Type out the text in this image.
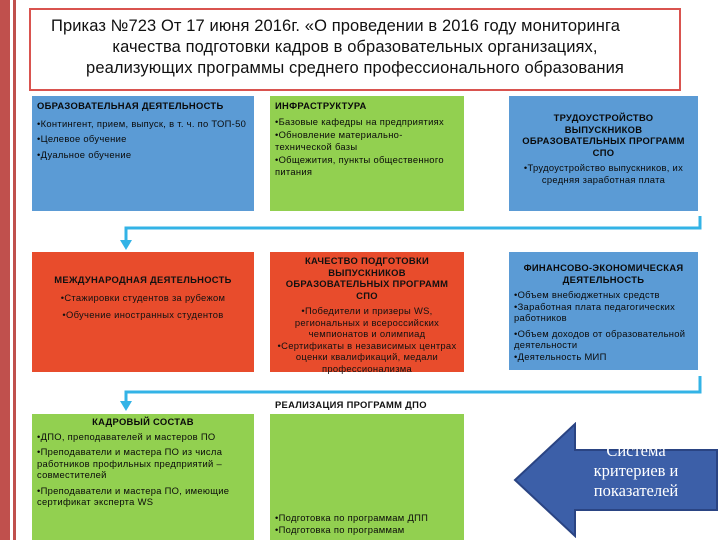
Приказ №723 От 17 июня 2016г. «О проведении в 2016 году мониторинга
качества подготовки кадров в образовательных организациях,
реализующих программы среднего профессионального образования

ОБРАЗОВАТЕЛЬНАЯ ДЕЯТЕЛЬНОСТЬ

• Контингент, прием, выпуск, в т. ч. по ТОП-50

• Целевое обучение

• Дуальное обучение

ИНФРАСТРУКТУРА

• Базовые кафедры на предприятиях

• Обновление материально-технической базы

• Общежития, пункты общественного питания

ТРУДОУСТРОЙСТВО ВЫПУСКНИКОВ ОБРАЗОВАТЕЛЬНЫХ ПРОГРАММ СПО

• Трудоустройство выпускников, их средняя заработная плата

МЕЖДУНАРОДНАЯ ДЕЯТЕЛЬНОСТЬ

• Стажировки студентов за рубежом

• Обучение иностранных студентов

КАЧЕСТВО ПОДГОТОВКИ ВЫПУСКНИКОВ ОБРАЗОВАТЕЛЬНЫХ ПРОГРАММ СПО

• Победители и призеры WS, региональных и всероссийских чемпионатов и олимпиад

• Сертификаты в независимых центрах оценки квалификаций, медали профессионализма

ФИНАНСОВО-ЭКОНОМИЧЕСКАЯ ДЕЯТЕЛЬНОСТЬ

• Объем внебюджетных средств

• Заработная плата педагогических работников

• Объем доходов от образовательной деятельности

• Деятельность МИП

РЕАЛИЗАЦИЯ ПРОГРАММ ДПО

КАДРОВЫЙ СОСТАВ

• ДПО, преподавателей и мастеров ПО

• Преподаватели и мастера ПО из числа работников профильных предприятий – совместителей

• Преподаватели и мастера ПО, имеющие сертификат эксперта WS

• Подготовка по программам ДПП

• Подготовка по программам

Система
критериев и
показателей
